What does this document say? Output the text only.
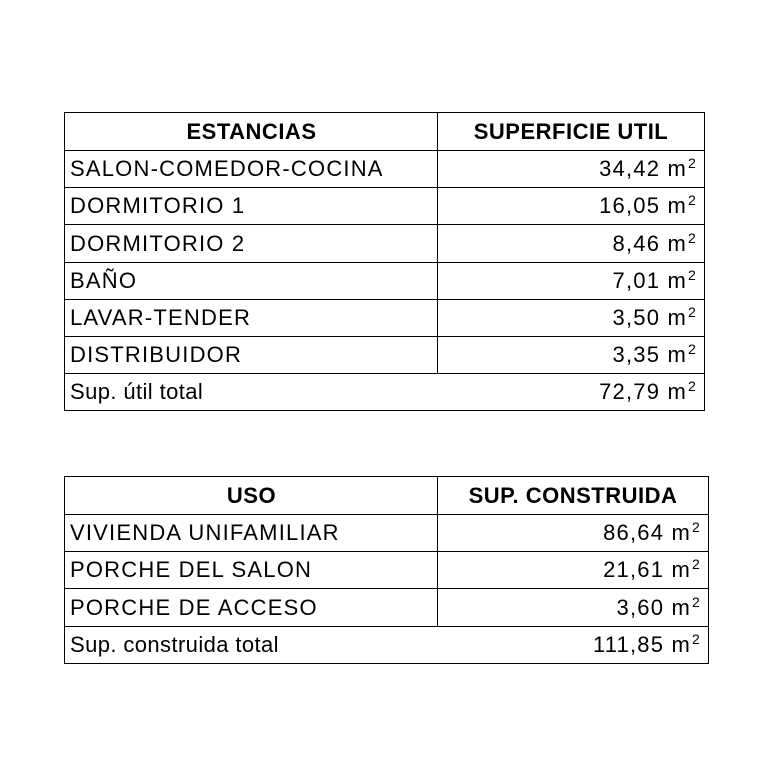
ESTANCIAS	SUPERFICIE UTIL
SALON-COMEDOR-COCINA	34,42 m 2
DORMITORIO 1	16,05 m 2
DORMITORIO 2	8,46 m 2
BAÑO	7,01 m 2
LAVAR-TENDER	3,50 m 2
DISTRIBUIDOR	3,35 m 2
Sup. útil total	72,79 m 2
USO	SUP. CONSTRUIDA
VIVIENDA UNIFAMILIAR	86,64 m 2
PORCHE DEL SALON	21,61 m 2
PORCHE DE ACCESO	3,60 m 2
Sup. construida total	111,85 m 2
